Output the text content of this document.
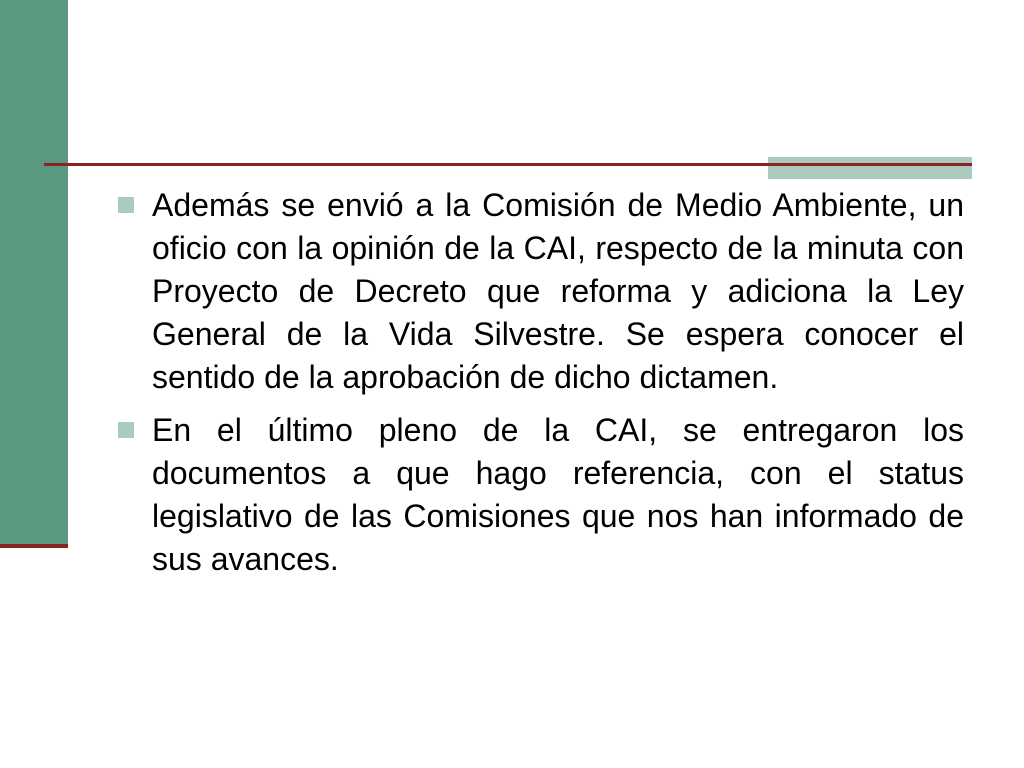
Además se envió a la Comisión de Medio Ambiente, un oficio con la opinión de la CAI, respecto de la minuta con Proyecto de Decreto que reforma y adiciona la Ley General de la Vida Silvestre. Se espera conocer el sentido de la aprobación de dicho dictamen.

En el último pleno de la CAI, se entregaron los documentos a que hago referencia, con el status legislativo de las Comisiones que nos han informado de sus avances.
